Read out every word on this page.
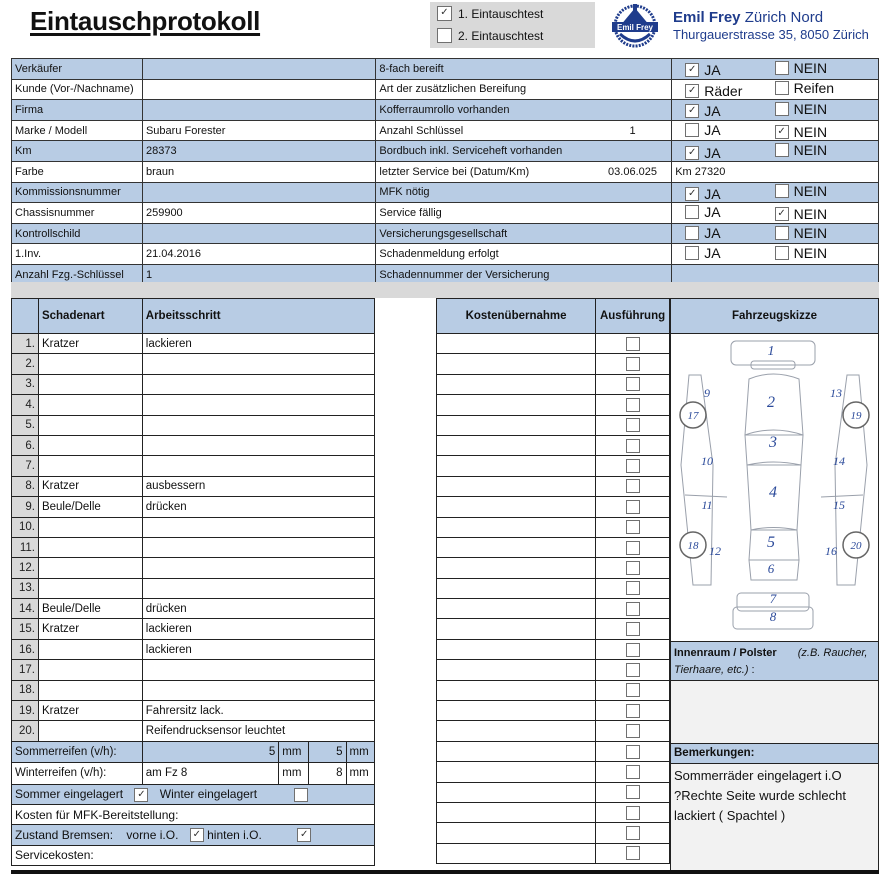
Eintauschprotokoll	✓ 1. Eintauschtest
2. Eintauschtest
Emil Frey
Emil Frey Zürich Nord
Thurgauerstrasse 35, 8050 Zürich
Verkäufer		8-fach bereift		✓ JA	NEIN

Kunde (Vor-/Nachname)		Art der zusätzlichen Bereifung		✓ Räder	Reifen

Firma		Kofferraumrollo vorhanden		✓ JA	NEIN

Marke / Modell	Subaru Forester	Anzahl Schlüssel	1	JA	✓ NEIN

Km	28373	Bordbuch inkl. Serviceheft vorhanden		✓ JA	NEIN

Farbe	braun	letzter Service bei (Datum/Km)	03.06.025	Km 27320	
Kommissionsnummer		MFK nötig		✓ JA	NEIN

Chassisnummer	259900	Service fällig		JA	✓ NEIN

Kontrollschild		Versicherungsgesellschaft		JA	NEIN

1.Inv.	21.04.2016	Schadenmeldung erfolgt		JA	NEIN

Anzahl Fzg.-Schlüssel	1	Schadennummer der Versicherung			
	Schadenart	Arbeitsschritt
1.	Kratzer	lackieren
2.		
3.		
4.		
5.		
6.		
7.		
8.	Kratzer	ausbessern
9.	Beule/Delle	drücken
10.		
11.		
12.		
13.		
14.	Beule/Delle	drücken
15.	Kratzer	lackieren
16.		lackieren
17.		
18.		
19.	Kratzer	Fahrersitz lack.
20.		Reifendrucksensor leuchtet
Sommerreifen (v/h):		5	mm	5	mm

Winterreifen (v/h):		am Fz 8	mm	8	mm

Sommer eingelagert ✓ Winter eingelagert
Kosten für MFK-Bereitstellung:
Zustand Bremsen: vorne i.O. ✓ hinten i.O.	✓
Servicekosten:
Kostenübernahme	Ausführung

		Fahrzeugskizze
1
2
3
4
5
6
7
8
9
10
11
12
13
14
15
16
17
18
19
20
Innenraum / Polster (z.B. Raucher, Tierhaare, etc.) :
Bemerkungen:
Sommerräder eingelagert i.O
?Rechte Seite wurde schlecht
lackiert ( Spachtel )
